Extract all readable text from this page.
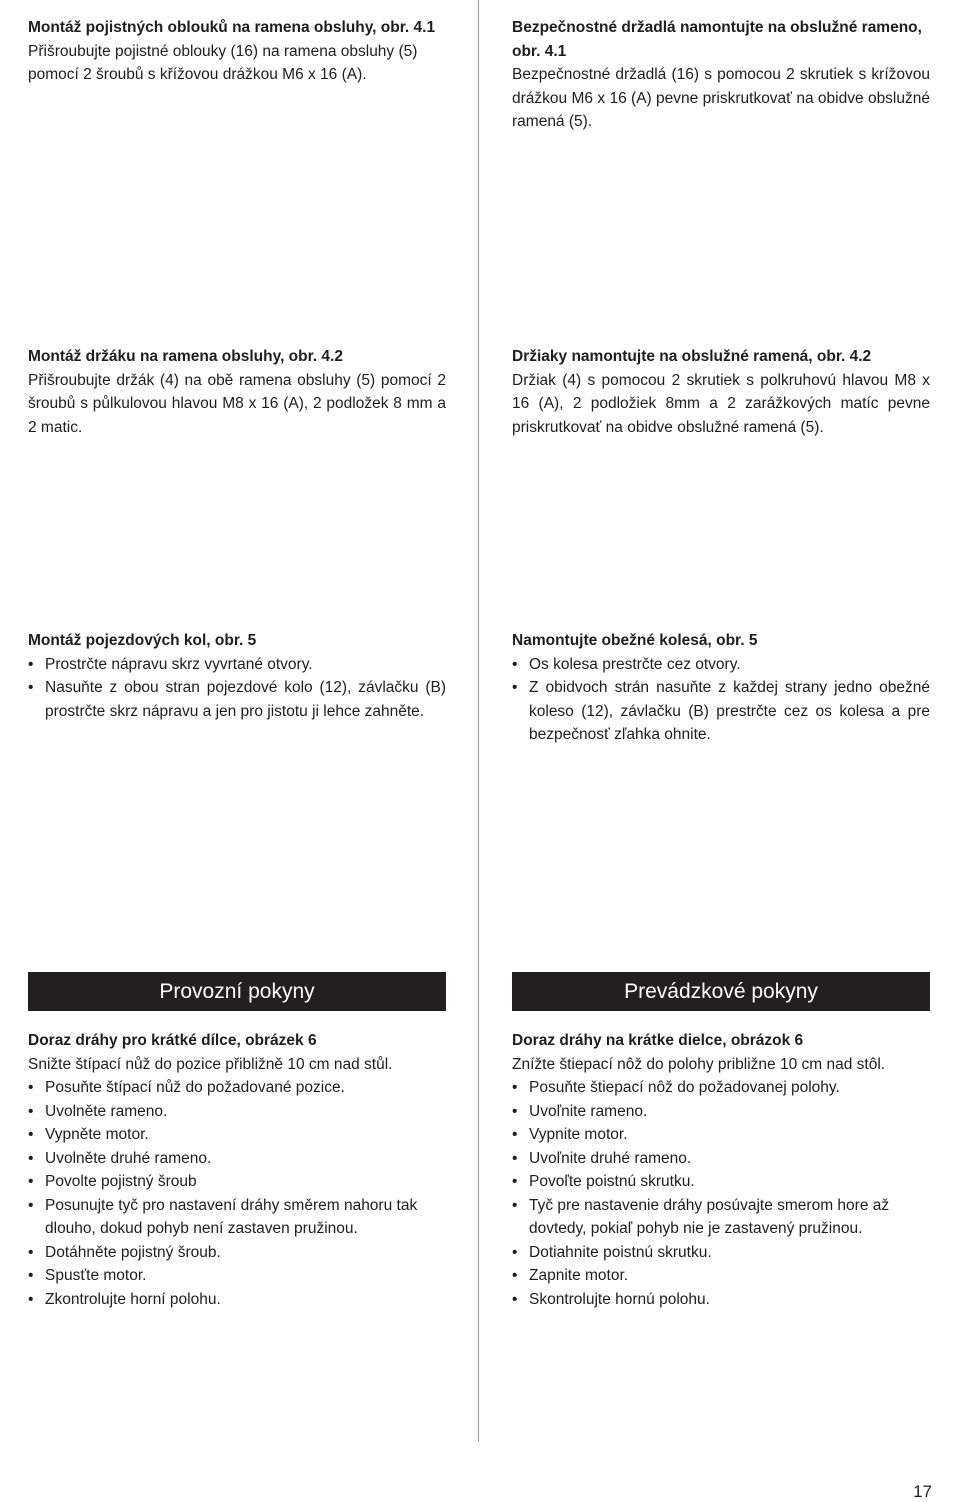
Montáž pojistných oblouků na ramena obsluhy, obr. 4.1

Přišroubujte pojistné oblouky (16) na ramena obsluhy (5) pomocí 2 šroubů s křížovou drážkou M6 x 16 (A).

Montáž držáku na ramena obsluhy, obr. 4.2

Přišroubujte držák (4) na obě ramena obsluhy (5) pomocí 2 šroubů s půlkulovou hlavou M8 x 16 (A), 2 podložek 8 mm a 2 matic.

Montáž pojezdových kol, obr. 5

• Prostrčte nápravu skrz vyvrtané otvory.
• Nasuňte z obou stran pojezdové kolo (12), závlačku (B) prostrčte skrz nápravu a jen pro jistotu ji lehce zahněte.
Provozní pokyny

Doraz dráhy pro krátké dílce, obrázek 6

Snižte štípací nůž do pozice přibližně 10 cm nad stůl.

• Posuňte štípací nůž do požadované pozice.
• Uvolněte rameno.
• Vypněte motor.
• Uvolněte druhé rameno.
• Povolte pojistný šroub
• Posunujte tyč pro nastavení dráhy směrem nahoru tak dlouho, dokud pohyb není zastaven pružinou.
• Dotáhněte pojistný šroub.
• Spusťte motor.
• Zkontrolujte horní polohu.

Bezpečnostné držadlá namontujte na obslužné rameno, obr. 4.1

Bezpečnostné držadlá (16) s pomocou 2 skrutiek s krížovou drážkou M6 x 16 (A) pevne priskrutkovať na obidve obslužné ramená (5).

Držiaky namontujte na obslužné ramená, obr. 4.2

Držiak (4) s pomocou 2 skrutiek s polkruhovú hlavou M8 x 16 (A), 2 podložiek 8mm a 2 zarážkových matíc pevne priskrutkovať na obidve obslužné ramená (5).

Namontujte obežné kolesá, obr. 5

• Os kolesa prestrčte cez otvory.
• Z obidvoch strán nasuňte z každej strany jedno obežné koleso (12), závlačku (B) prestrčte cez os kolesa a pre bezpečnosť zľahka ohnite.
Prevádzkové pokyny

Doraz dráhy na krátke dielce, obrázok 6

Znížte štiepací nôž do polohy približne 10 cm nad stôl.

• Posuňte štiepací nôž do požadovanej polohy.
• Uvoľnite rameno.
• Vypnite motor.
• Uvoľnite druhé rameno.
• Povoľte poistnú skrutku.
• Tyč pre nastavenie dráhy posúvajte smerom hore až dovtedy, pokiaľ pohyb nie je zastavený pružinou.
• Dotiahnite poistnú skrutku.
• Zapnite motor.
• Skontrolujte hornú polohu.
17
